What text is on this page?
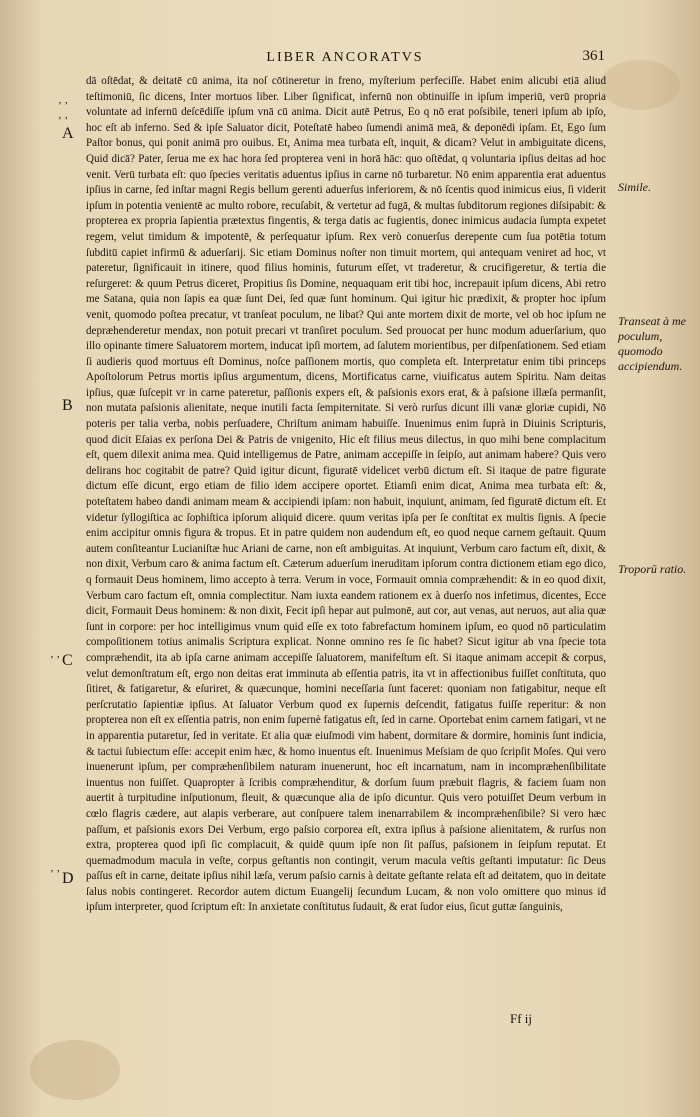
LIBER ANCORATVS	361
A
B
C
D
‚ ‚
‚ ‚
‚ ‚
‚ ‚
Simile.
Transeat à me poculum, quomodo accipiendum.
Troporū ratio.

dā oſtēdat, & deitatē cū anima, ita noſ cōtineretur in freno, myſterium perfeciſſe. Habet enim alicubi etiā aliud teſtimoniū, ſic dicens, Inter mortuos liber. Liber ſignificat, infernū non obtinuiſſe in ipſum imperiū, verū propria voluntate ad infernū deſcēdiſſe ipſum vnā cū anima. Dicit autē Petrus, Eo q nō erat poſsibile, teneri ipſum ab ipſo, hoc eſt ab inferno. Sed & ipſe Saluator dicit, Poteſtatē habeo ſumendi animā meā, & deponēdi ipſam. Et, Ego ſum Paſtor bonus, qui ponit animā pro ouibus. Et, Anima mea turbata eſt, inquit, & dicam? Velut in ambiguitate dicens, Quid dicā? Pater, ſerua me ex hac hora ſed propterea veni in horā hāc: quo oſtēdat, q voluntaria ipſius deitas ad hoc venit. Verū turbata eſt: quo ſpecies veritatis aduentus ipſius in carne nō turbaretur. Nō enim apparentia erat aduentus ipſius in carne, ſed inſtar magni Regis bellum gerenti aduerſus inferiorem, & nō ſcentis quod inimicus eius, ſi viderit ipſum in potentia venientē ac multo robore, recuſabit, & vertetur ad fugā, & multas ſubditorum regiones diſsipabit: & propterea ex propria ſapientia prætextus fingentis, & terga datis ac fugientis, donec inimicus audacia ſumpta expetet regem, velut timidum & impotentē, & perſequatur ipſum. Rex verò conuerſus derepente cum ſua potētia totum ſubditū capiet infirmū & aduerſarij. Sic etiam Dominus noſter non timuit mortem, qui antequam veniret ad hoc, vt pateretur, ſignificauit in itinere, quod filius hominis, futurum eſſet, vt traderetur, & crucifigeretur, & tertia die reſurgeret: & quum Petrus diceret, Propitius ſis Domine, nequaquam erit tibi hoc, increpauit ipſum dicens, Abi retro me Satana, quia non ſapis ea quæ ſunt Dei, ſed quæ ſunt hominum. Qui igitur hic prædixit, & propter hoc ipſum venit, quomodo poſtea precatur, vt tranſeat poculum, ne libat? Qui ante mortem dixit de morte, vel ob hoc ipſum ne depræhenderetur mendax, non potuit precari vt tranſiret poculum. Sed prouocat per hunc modum aduerſarium, quo illo opinante timere Saluatorem mortem, inducat ipſi mortem, ad ſalutem morientibus, per diſpenſationem. Sed etiam ſi audieris quod mortuus eſt Dominus, noſce paſſionem mortis, quo completa eſt. Interpretatur enim tibi princeps Apoſtolorum Petrus mortis ipſius argumentum, dicens, Mortificatus carne, viuificatus autem Spiritu. Nam deitas ipſius, quæ ſuſcepit vr in carne pateretur, paſſionis expers eſt, & paſsionis exors erat, & à paſsione illæſa permanſit, non mutata paſsionis alienitate, neque inutili facta ſempiternitate. Si verò rurſus dicunt illi vanæ gloriæ cupidi, Nō poteris per talia verba, nobis perſuadere, Chriſtum animam habuiſſe. Inuenimus enim ſuprà in Diuinis Scripturis, quod dicit Eſaias ex perſona Dei & Patris de vnigenito, Hic eſt filius meus dilectus, in quo mihi bene complacitum eſt, quem dilexit anima mea. Quid intelligemus de Patre, animam accepiſſe in ſeipſo, aut animam habere? Quis vero delirans hoc cogitabit de patre? Quid igitur dicunt, figuratē videlicet verbū dictum eſt. Si itaque de patre figurate dictum eſſe dicunt, ergo etiam de filio idem accipere oportet. Etiamſi enim dicat, Anima mea turbata eſt: &, poteſtatem habeo dandi animam meam & accipiendi ipſam: non habuit, inquiunt, animam, ſed figuratē dictum eſt. Et videtur ſyllogiſtica ac ſophiſtica ipſorum aliquid dicere. quum veritas ipſa per ſe conſtitat ex multis ſignis. A ſpecie enim accipitur omnis figura & tropus. Et in patre quidem non audendum eſt, eo quod neque carnem geſtauit. Quum autem conſiteantur Lucianiſtæ huc Ariani de carne, non eſt ambiguitas. At inquiunt, Verbum caro factum eſt, dixit, & non dixit, Verbum caro & anima factum eſt. Cæterum aduerſum ineruditam ipſorum contra dictionem etiam ego dico, q formauit Deus hominem, limo accepto à terra. Verum in voce, Formauit omnia compræhendit: & in eo quod dixit, Verbum caro factum eſt, omnia complectitur. Nam iuxta eandem rationem ex à duerſo nos infetimus, dicentes, Ecce dicit, Formauit Deus hominem: & non dixit, Fecit ipſi hepar aut pulmonē, aut cor, aut venas, aut neruos, aut alia quæ ſunt in corpore: per hoc intelligimus vnum quid eſſe ex toto fabrefactum hominem ipſum, eo quod nō particulatim compoſitionem totius animalis Scriptura explicat. Nonne omnino res ſe ſic habet? Sicut igitur ab vna ſpecie tota compræhendit, ita ab ipſa carne animam accepiſſe ſaluatorem, manifeſtum eſt. Si itaque animam accepit & corpus, velut demonſtratum eſt, ergo non deitas erat imminuta ab eſſentia patris, ita vt in affectionibus fuiſſet conſtituta, quo ſitiret, & fatigaretur, & eſuriret, & quæcunque, homini neceſſaria ſunt faceret: quoniam non fatigabitur, neque eſt perſcrutatio ſapientiæ ipſius. At ſaluator Verbum quod ex ſupernis deſcendit, fatigatus fuiſſe reperitur: & non propterea non eſt ex eſſentia patris, non enim ſupernè fatigatus eſt, ſed in carne. Oportebat enim carnem fatigari, vt ne in apparentia putaretur, ſed in veritate. Et alia quæ eiuſmodi vim habent, dormitare & dormire, hominis ſunt indicia, & tactui ſubiectum eſſe: accepit enim hæc, & homo inuentus eſt. Inuenimus Meſsiam de quo ſcripſit Moſes. Qui vero inuenerunt ipſum, per compræhenſibilem naturam inuenerunt, hoc eſt incarnatum, nam in incompræhenſibilitate inuentus non fuiſſet. Quapropter à ſcribis compræhenditur, & dorſum ſuum præbuit flagris, & faciem ſuam non auertit à turpitudine inſputionum, fleuit, & quæcunque alia de ipſo dicuntur. Quis vero potuiſſet Deum verbum in cœlo flagris cædere, aut alapis verberare, aut conſpuere talem inenarrabilem & incompræhenſibile? Si vero hæc paſſum, et paſsionis exors Dei Verbum, ergo paſsio corporea eſt, extra ipſius à paſsione alienitatem, & rurſus non extra, propterea quod ipſi ſic complacuit, & quidē quum ipſe non ſit paſſus, paſsionem in ſeipſum reputat. Et quemadmodum macula in veſte, corpus geſtantis non contingit, verum macula veſtis geſtanti imputatur: ſic Deus paſſus eſt in carne, deitate ipſius nihil læſa, verum paſsio carnis à deitate geſtante relata eſt ad deitatem, quo in deitate ſalus nobis contingeret. Recordor autem dictum Euangelij ſecundum Lucam, & non volo omittere quo minus id ipſum interpreter, quod ſcriptum eſt: In anxietate conſtitutus ſudauit, & erat ſudor eius, ſicut guttæ ſanguinis,

Ff ij
